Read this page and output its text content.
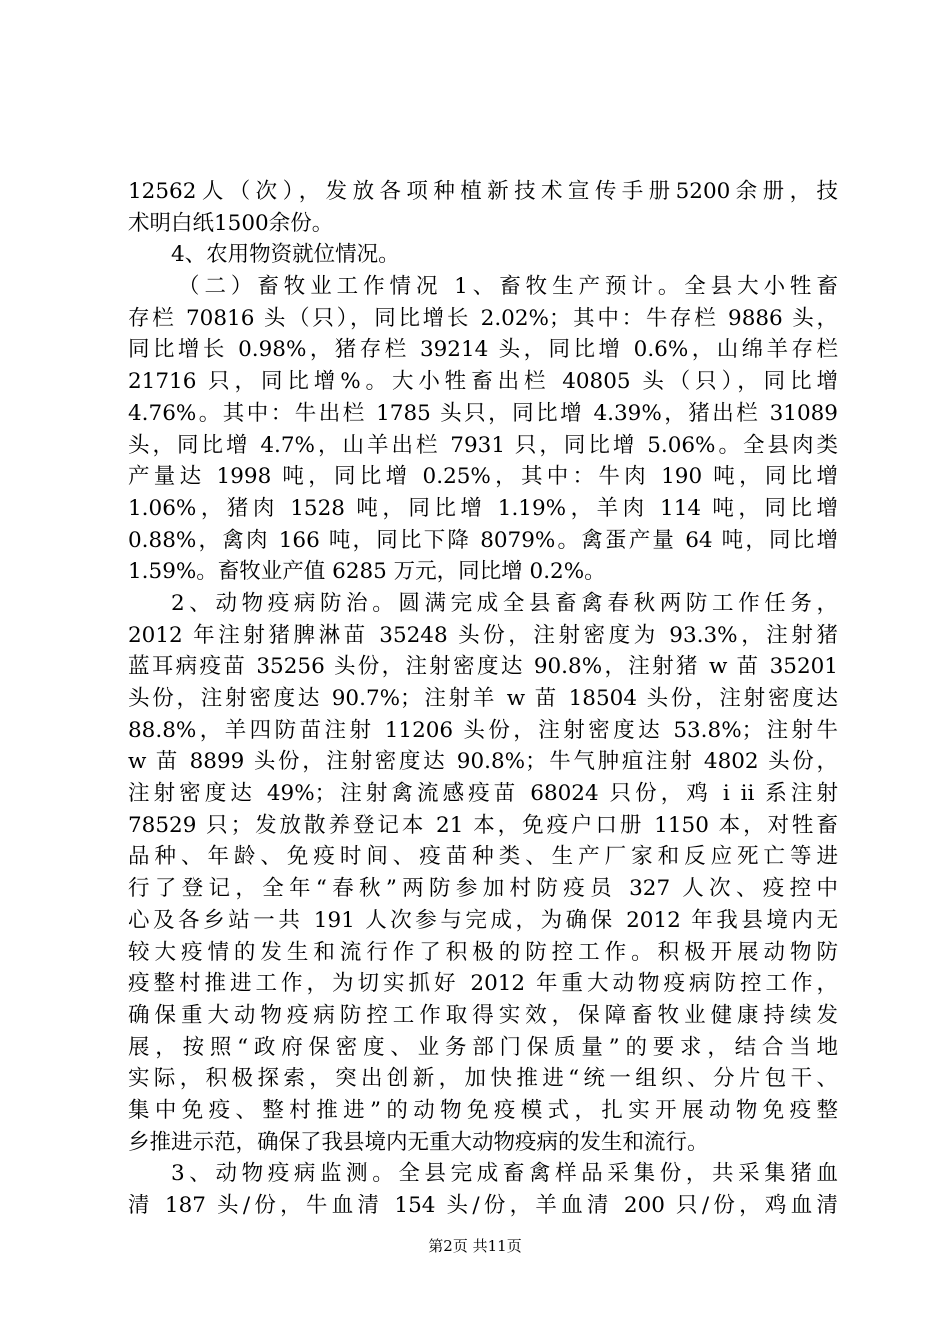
12562人（次），发放各项种植新技术宣传手册5200余册，技
术明白纸1500余份。
4、农用物资就位情况。
（二）畜牧业工作情况 1、畜牧生产预计。全县大小牲畜
存栏 70816 头（只），同比增长 2.02%；其中：牛存栏 9886 头，
同比增长 0.98%，猪存栏 39214 头，同比增 0.6%，山绵羊存栏
21716 只，同比增%。大小牲畜出栏 40805 头（只），同比增
4.76%。其中：牛出栏 1785 头只，同比增 4.39%，猪出栏 31089
头，同比增 4.7%，山羊出栏 7931 只，同比增 5.06%。全县肉类
产量达 1998 吨，同比增 0.25%，其中：牛肉 190 吨，同比增
1.06%，猪肉 1528 吨，同比增 1.19%，羊肉 114 吨，同比增
0.88%，禽肉 166 吨，同比下降 8079%。禽蛋产量 64 吨，同比增
1.59%。畜牧业产值 6285 万元，同比增 0.2%。
2、动物疫病防治。圆满完成全县畜禽春秋两防工作任务，
2012 年注射猪脾淋苗 35248 头份，注射密度为 93.3%，注射猪
蓝耳病疫苗 35256 头份，注射密度达 90.8%，注射猪 w 苗 35201
头份，注射密度达 90.7%；注射羊 w 苗 18504 头份，注射密度达
88.8%，羊四防苗注射 11206 头份，注射密度达 53.8%；注射牛
w 苗 8899 头份，注射密度达 90.8%；牛气肿疽注射 4802 头份，
注射密度达 49%；注射禽流感疫苗 68024 只份，鸡 i ii 系注射
78529 只；发放散养登记本 21 本，免疫户口册 1150 本，对牲畜
品种、年龄、免疫时间、疫苗种类、生产厂家和反应死亡等进
行了登记，全年“春秋”两防参加村防疫员 327 人次、疫控中
心及各乡站一共 191 人次参与完成，为确保 2012 年我县境内无
较大疫情的发生和流行作了积极的防控工作。积极开展动物防
疫整村推进工作，为切实抓好 2012 年重大动物疫病防控工作，
确保重大动物疫病防控工作取得实效，保障畜牧业健康持续发
展，按照“政府保密度、业务部门保质量”的要求，结合当地
实际，积极探索，突出创新，加快推进“统一组织、分片包干、
集中免疫、整村推进”的动物免疫模式，扎实开展动物免疫整
乡推进示范，确保了我县境内无重大动物疫病的发生和流行。
3、动物疫病监测。全县完成畜禽样品采集份，共采集猪血
清 187 头/份，牛血清 154 头/份，羊血清 200 只/份，鸡血清
第2页 共11页
